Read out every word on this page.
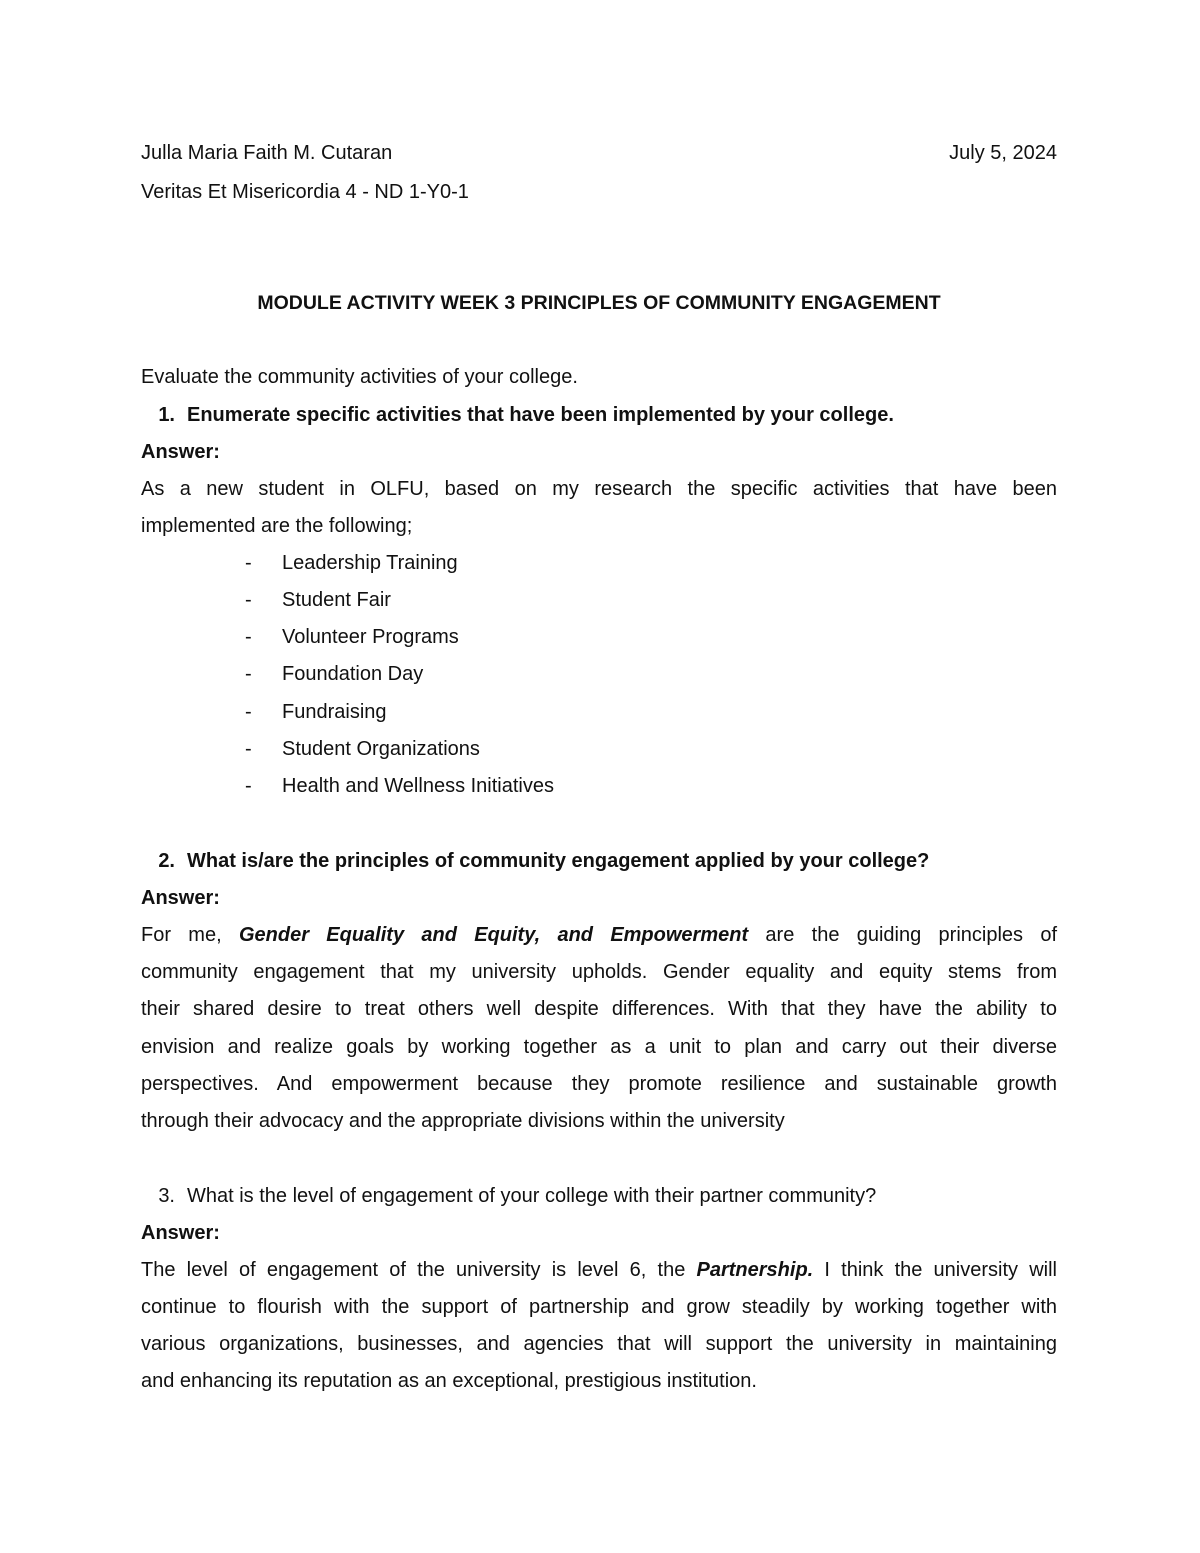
Julla Maria Faith M. Cutaran	July 5, 2024
Veritas Et Misericordia 4 - ND 1-Y0-1
MODULE ACTIVITY WEEK 3 PRINCIPLES OF COMMUNITY ENGAGEMENT
Evaluate the community activities of your college.
1. Enumerate specific activities that have been implemented by your college.
Answer:
As a new student in OLFU, based on my research the specific activities that have been
implemented are the following;
- Leadership Training
- Student Fair
- Volunteer Programs
- Foundation Day
- Fundraising
- Student Organizations
- Health and Wellness Initiatives
2. What is/are the principles of community engagement applied by your college?
Answer:
For me, Gender Equality and Equity, and Empowerment are the guiding principles of
community engagement that my university upholds. Gender equality and equity stems from
their shared desire to treat others well despite differences. With that they have the ability to
envision and realize goals by working together as a unit to plan and carry out their diverse
perspectives. And empowerment because they promote resilience and sustainable growth
through their advocacy and the appropriate divisions within the university
3. What is the level of engagement of your college with their partner community?
Answer:
The level of engagement of the university is level 6, the Partnership. I think the university will
continue to flourish with the support of partnership and grow steadily by working together with
various organizations, businesses, and agencies that will support the university in maintaining
and enhancing its reputation as an exceptional, prestigious institution.
